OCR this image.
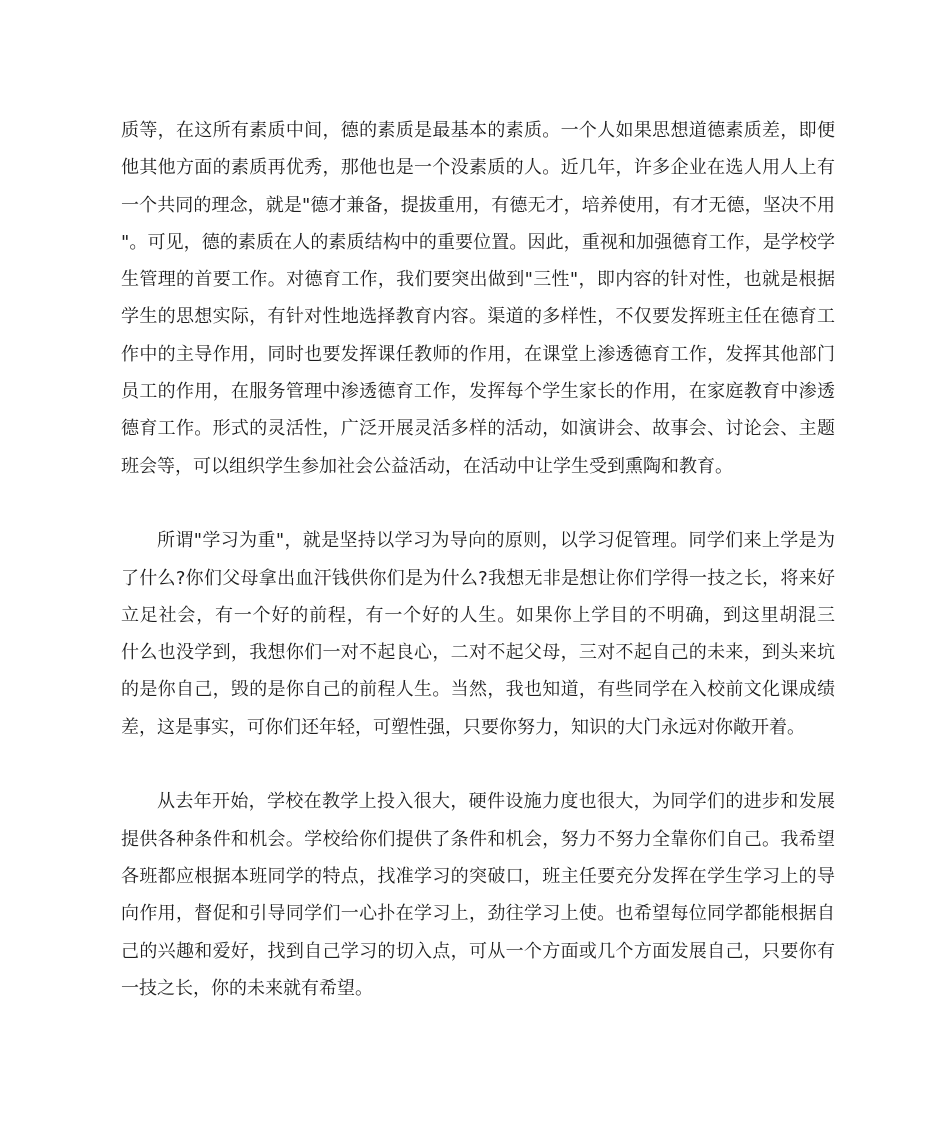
质等，在这所有素质中间，德的素质是最基本的素质。一个人如果思想道德素质差，即便
他其他方面的素质再优秀，那他也是一个没素质的人。近几年，许多企业在选人用人上有
一个共同的理念，就是"德才兼备，提拔重用，有德无才，培养使用，有才无德，坚决不用
"。可见，德的素质在人的素质结构中的重要位置。因此，重视和加强德育工作，是学校学
生管理的首要工作。对德育工作，我们要突出做到"三性"，即内容的针对性，也就是根据
学生的思想实际，有针对性地选择教育内容。渠道的多样性，不仅要发挥班主任在德育工
作中的主导作用，同时也要发挥课任教师的作用，在课堂上渗透德育工作，发挥其他部门
员工的作用，在服务管理中渗透德育工作，发挥每个学生家长的作用，在家庭教育中渗透
德育工作。形式的灵活性，广泛开展灵活多样的活动，如演讲会、故事会、讨论会、主题
班会等，可以组织学生参加社会公益活动，在活动中让学生受到熏陶和教育。
所谓"学习为重"，就是坚持以学习为导向的原则，以学习促管理。同学们来上学是为
了什么?你们父母拿出血汗钱供你们是为什么?我想无非是想让你们学得一技之长，将来好
立足社会，有一个好的前程，有一个好的人生。如果你上学目的不明确，到这里胡混三
什么也没学到，我想你们一对不起良心，二对不起父母，三对不起自己的未来，到头来坑
的是你自己，毁的是你自己的前程人生。当然，我也知道，有些同学在入校前文化课成绩
差，这是事实，可你们还年轻，可塑性强，只要你努力，知识的大门永远对你敞开着。
从去年开始，学校在教学上投入很大，硬件设施力度也很大，为同学们的进步和发展
提供各种条件和机会。学校给你们提供了条件和机会，努力不努力全靠你们自己。我希望
各班都应根据本班同学的特点，找准学习的突破口，班主任要充分发挥在学生学习上的导
向作用，督促和引导同学们一心扑在学习上，劲往学习上使。也希望每位同学都能根据自
己的兴趣和爱好，找到自己学习的切入点，可从一个方面或几个方面发展自己，只要你有
一技之长，你的未来就有希望。
